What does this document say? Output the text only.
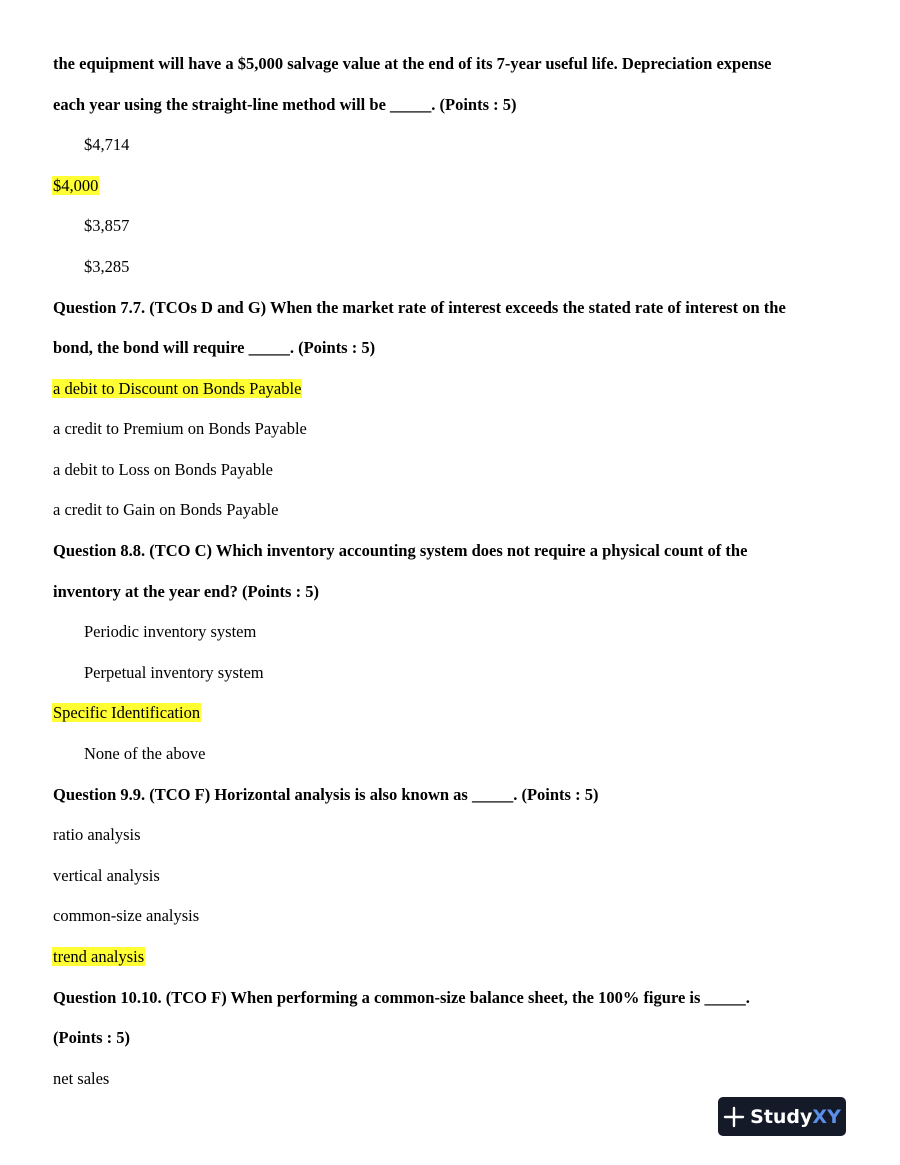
the equipment will have a $5,000 salvage value at the end of its 7-year useful life. Depreciation expense
each year using the straight-line method will be _____. (Points : 5)
$4,714
$4,000
$3,857
$3,285
Question 7.7. (TCOs D and G) When the market rate of interest exceeds the stated rate of interest on the
bond, the bond will require _____. (Points : 5)
a debit to Discount on Bonds Payable
a credit to Premium on Bonds Payable
a debit to Loss on Bonds Payable
a credit to Gain on Bonds Payable
Question 8.8. (TCO C) Which inventory accounting system does not require a physical count of the
inventory at the year end? (Points : 5)
Periodic inventory system
Perpetual inventory system
Specific Identification
None of the above
Question 9.9. (TCO F) Horizontal analysis is also known as _____. (Points : 5)
ratio analysis
vertical analysis
common-size analysis
trend analysis
Question 10.10. (TCO F) When performing a common-size balance sheet, the 100% figure is _____.
(Points : 5)
net sales
StudyXY
